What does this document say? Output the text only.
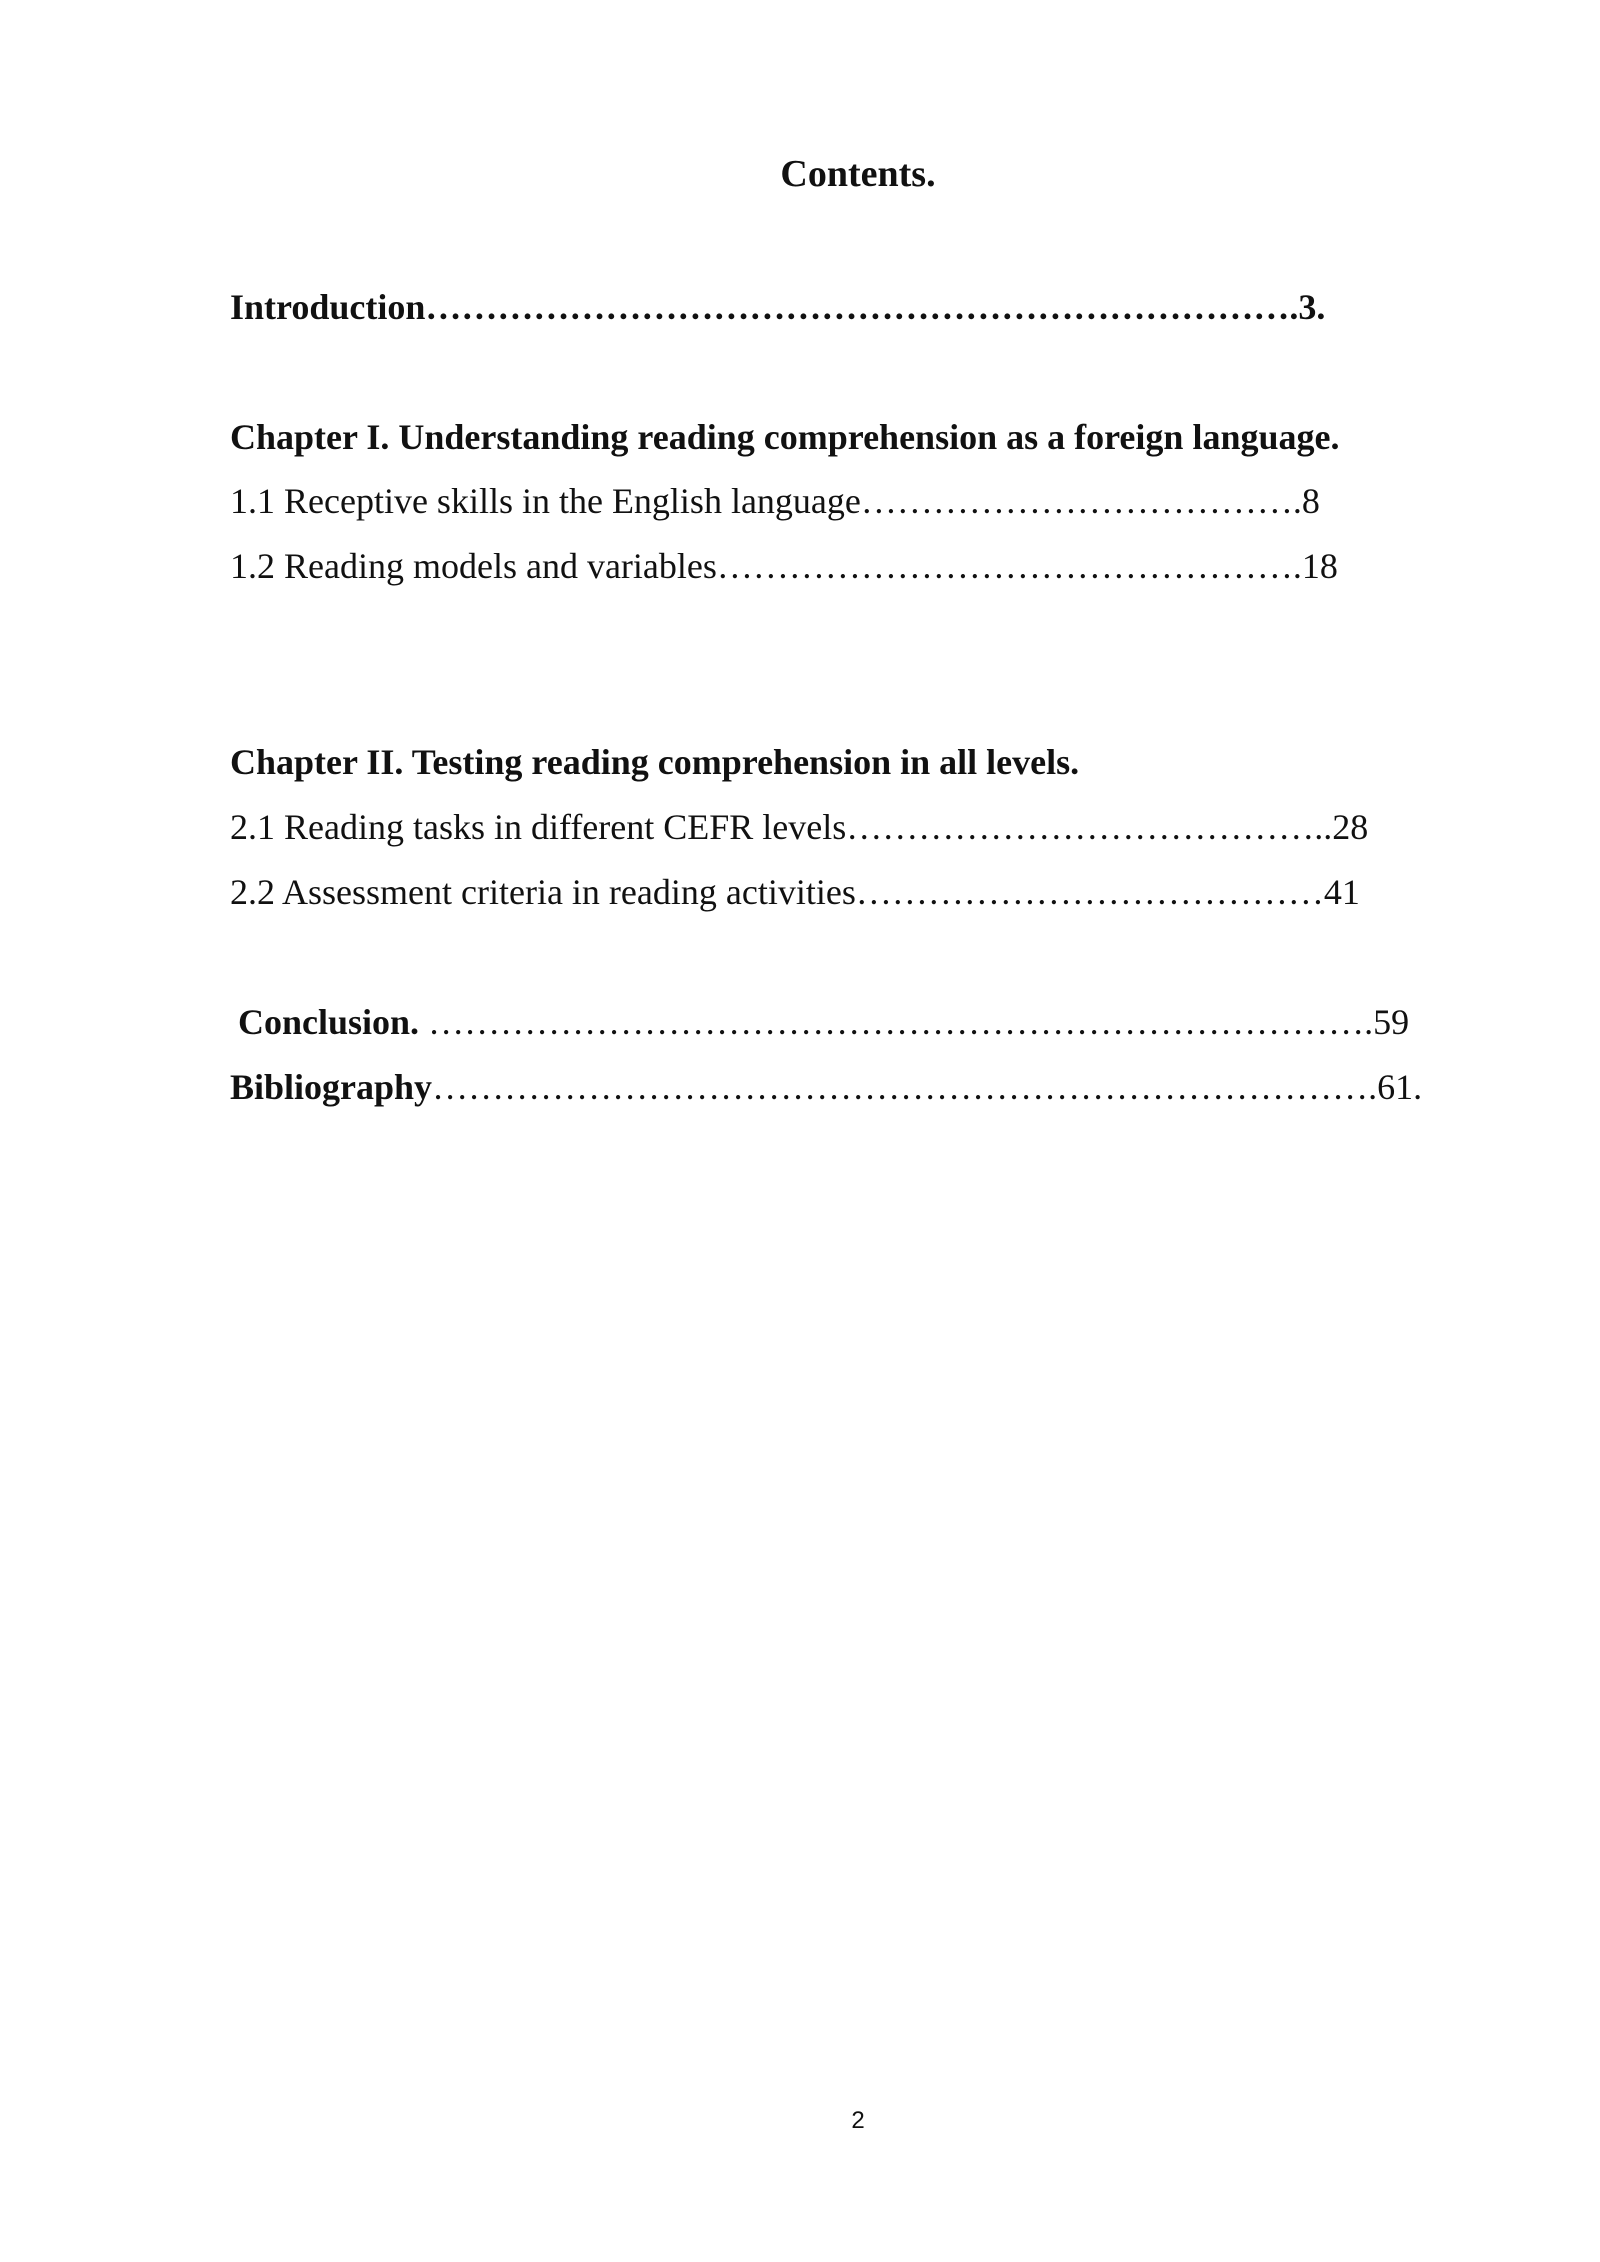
Contents.
Introduction……………………………………………………………….3.
Chapter I. Understanding reading comprehension as a foreign language.
1.1 Receptive skills in the English language……………………………….8
1.2 Reading models and variables………………………………………….18
Chapter II. Testing reading comprehension in all levels.
2.1 Reading tasks in different CEFR levels…………………………………..28
2.2 Assessment criteria in reading activities…………………………………41
Conclusion. …………………………………………………………………….59
Bibliography…………………………………………………………………….61.
2
